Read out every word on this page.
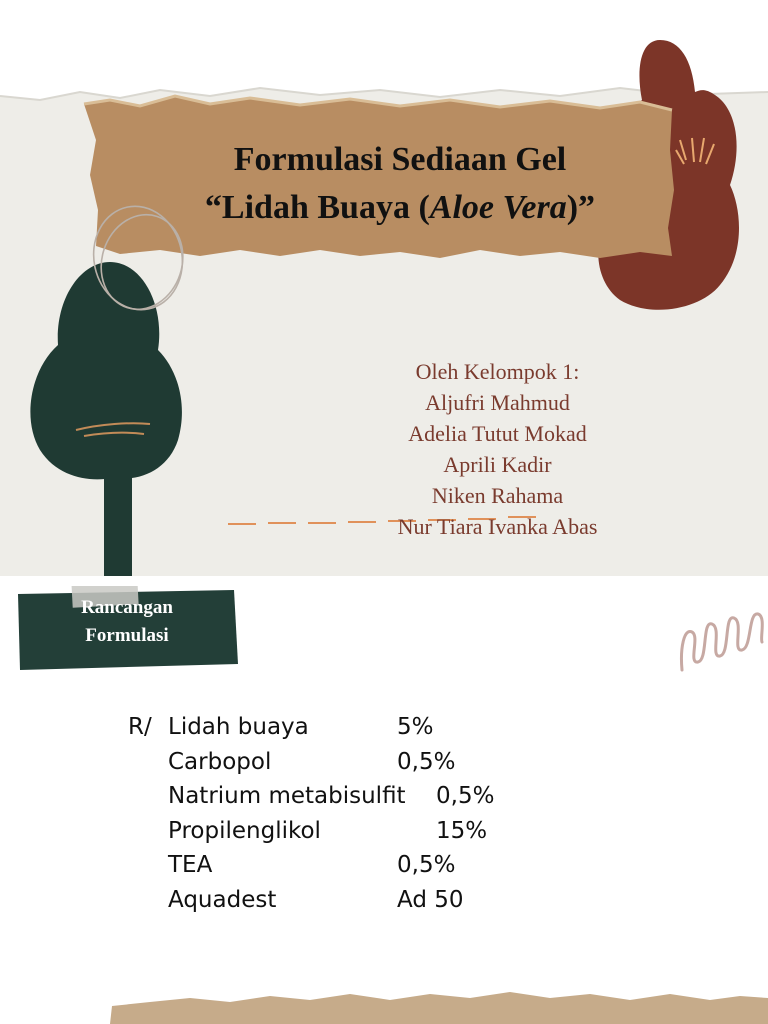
Formulasi Sediaan Gel
“Lidah Buaya (Aloe Vera)”
Oleh Kelompok 1:
Aljufri Mahmud
Adelia Tutut Mokad
Aprili Kadir
Niken Rahama
Nur Tiara Ivanka Abas
Rancangan
Formulasi
R/ Lidah buaya	5%
Carbopol	0,5%
Natrium metabisulfit 0,5%
Propilenglikol	15%
TEA	0,5%
Aquadest	Ad 50
